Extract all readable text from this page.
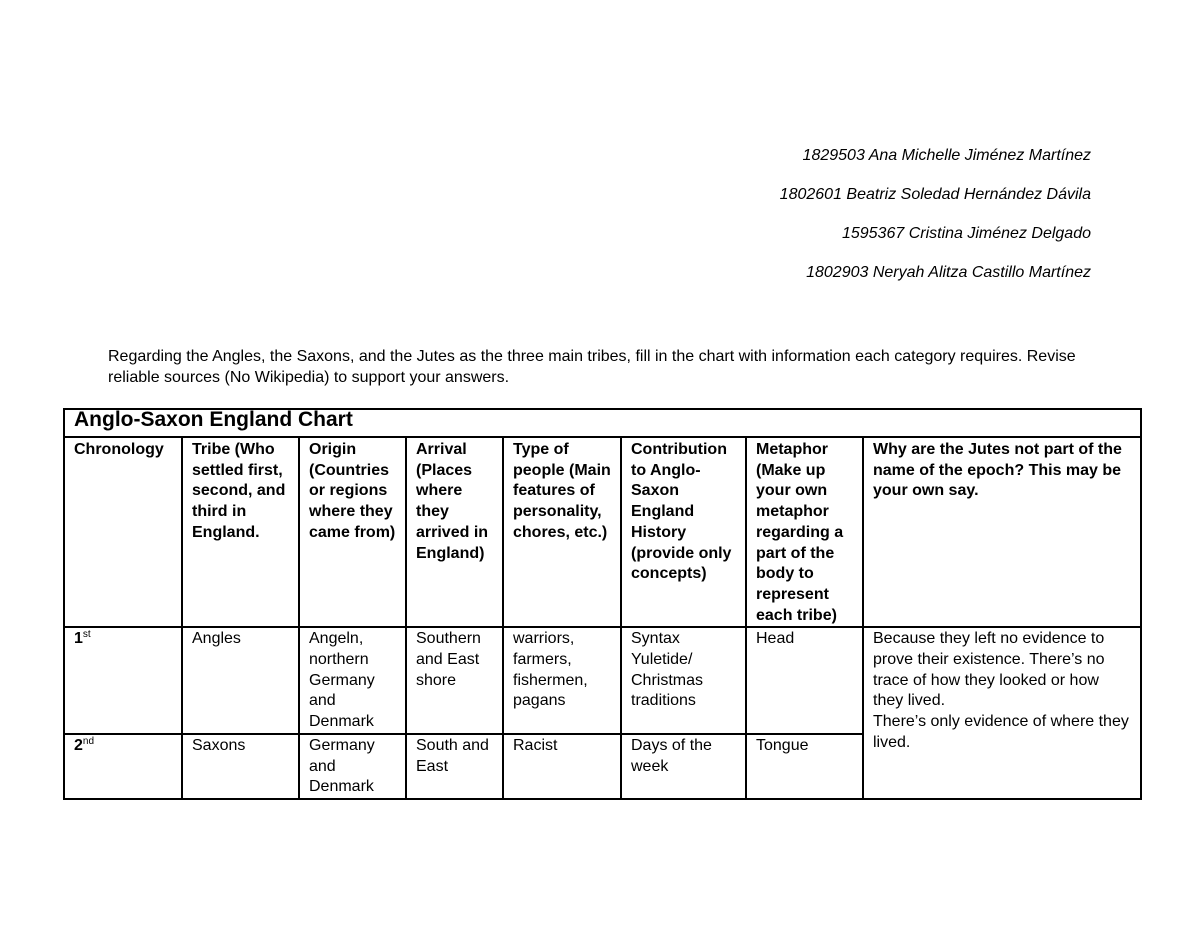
1829503 Ana Michelle Jiménez Martínez
1802601 Beatriz Soledad Hernández Dávila
1595367 Cristina Jiménez Delgado
1802903 Neryah Alitza Castillo Martínez
Regarding the Angles, the Saxons, and the Jutes as the three main tribes, fill in the chart with information each category requires. Revise reliable sources (No Wikipedia) to support your answers.
Anglo-Saxon England Chart							
Chronology	Tribe (Who settled first, second, and third in England.	Origin (Countries or regions where they came from)	Arrival (Places where they arrived in England)	Type of people (Main features of personality, chores, etc.)	Contribution to Anglo-Saxon England History (provide only concepts)	Metaphor (Make up your own metaphor regarding a part of the body to represent each tribe)	Why are the Jutes not part of the name of the epoch? This may be your own say.
1st	Angles	Angeln, northern Germany and Denmark	Southern and East shore	warriors, farmers, fishermen, pagans	Syntax Yuletide/ Christmas traditions	Head	Because they left no evidence to prove their existence. There’s no trace of how they looked or how they lived.
There’s only evidence of where they lived.

2nd	Saxons	Germany and Denmark	South and East	Racist	Days of the week	Tongue	
